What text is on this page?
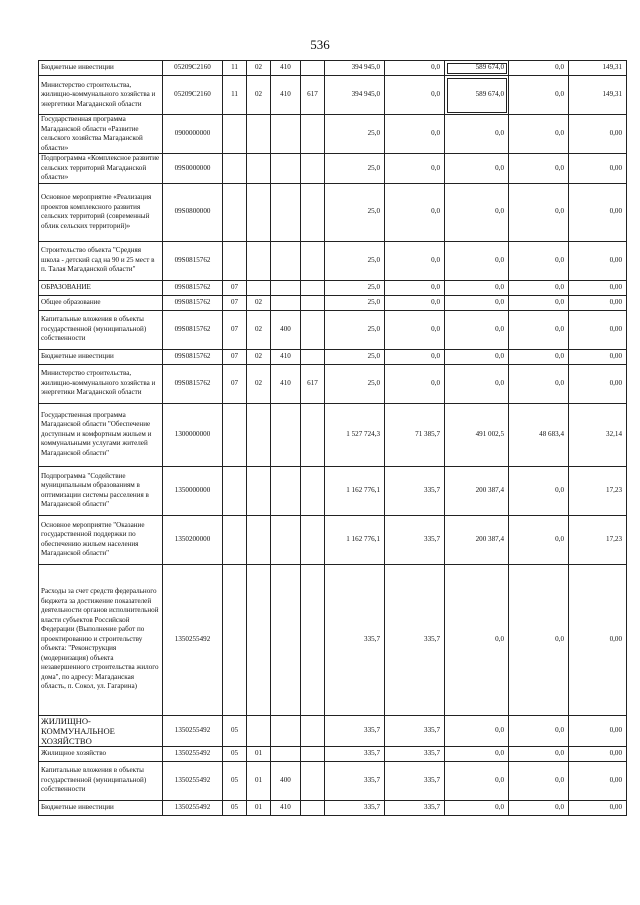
536
Бюджетные инвестиции	05209С2160	11	02	410		394 945,0	0,0	589 674,0	0,0	149,31
Министерство строительства, жилищно-коммунального хозяйства и энергетики Магаданской области	05209С2160	11	02	410	617	394 945,0	0,0	589 674,0	0,0	149,31
Государственная программа Магаданской области «Развитие сельского хозяйства Магаданской области»	0900000000					25,0	0,0	0,0	0,0	0,00
Подпрограмма «Комплексное развитие сельских территорий Магаданской области»	09S0000000					25,0	0,0	0,0	0,0	0,00
Основное мероприятие «Реализация проектов комплексного развития сельских территорий (современный облик сельских территорий)»	09S0800000					25,0	0,0	0,0	0,0	0,00
Строительство объекта "Средняя школа - детский сад на 90 и 25 мест в п. Талая Магаданской области"	09S0815762					25,0	0,0	0,0	0,0	0,00
ОБРАЗОВАНИЕ	09S0815762	07				25,0	0,0	0,0	0,0	0,00
Общее образование	09S0815762	07	02			25,0	0,0	0,0	0,0	0,00
Капитальные вложения в объекты государственной (муниципальной) собственности	09S0815762	07	02	400		25,0	0,0	0,0	0,0	0,00
Бюджетные инвестиции	09S0815762	07	02	410		25,0	0,0	0,0	0,0	0,00
Министерство строительства, жилищно-коммунального хозяйства и энергетики Магаданской области	09S0815762	07	02	410	617	25,0	0,0	0,0	0,0	0,00
Государственная программа Магаданской области "Обеспечение доступным и комфортным жильем и коммунальными услугами жителей Магаданской области"	1300000000					1 527 724,3	71 385,7	491 002,5	48 683,4	32,14
Подпрограмма "Содействие муниципальным образованиям в оптимизации системы расселения в Магаданской области"	1350000000					1 162 776,1	335,7	200 387,4	0,0	17,23
Основное мероприятие "Оказание государственной поддержки по обеспечению жильем населения Магаданской области"	1350200000					1 162 776,1	335,7	200 387,4	0,0	17,23
Расходы за счет средств федерального бюджета за достижение показателей деятельности органов исполнительной власти субъектов Российской Федерации (Выполнение работ по проектированию и строительству объекта: "Реконструкция (модернизация) объекта незавершенного строительства жилого дома", по адресу: Магаданская область, п. Сокол, ул. Гагарина)	1350255492					335,7	335,7	0,0	0,0	0,00
ЖИЛИЩНО-КОММУНАЛЬНОЕ ХОЗЯЙСТВО	1350255492	05				335,7	335,7	0,0	0,0	0,00
Жилищное хозяйство	1350255492	05	01			335,7	335,7	0,0	0,0	0,00
Капитальные вложения в объекты государственной (муниципальной) собственности	1350255492	05	01	400		335,7	335,7	0,0	0,0	0,00
Бюджетные инвестиции	1350255492	05	01	410		335,7	335,7	0,0	0,0	0,00
